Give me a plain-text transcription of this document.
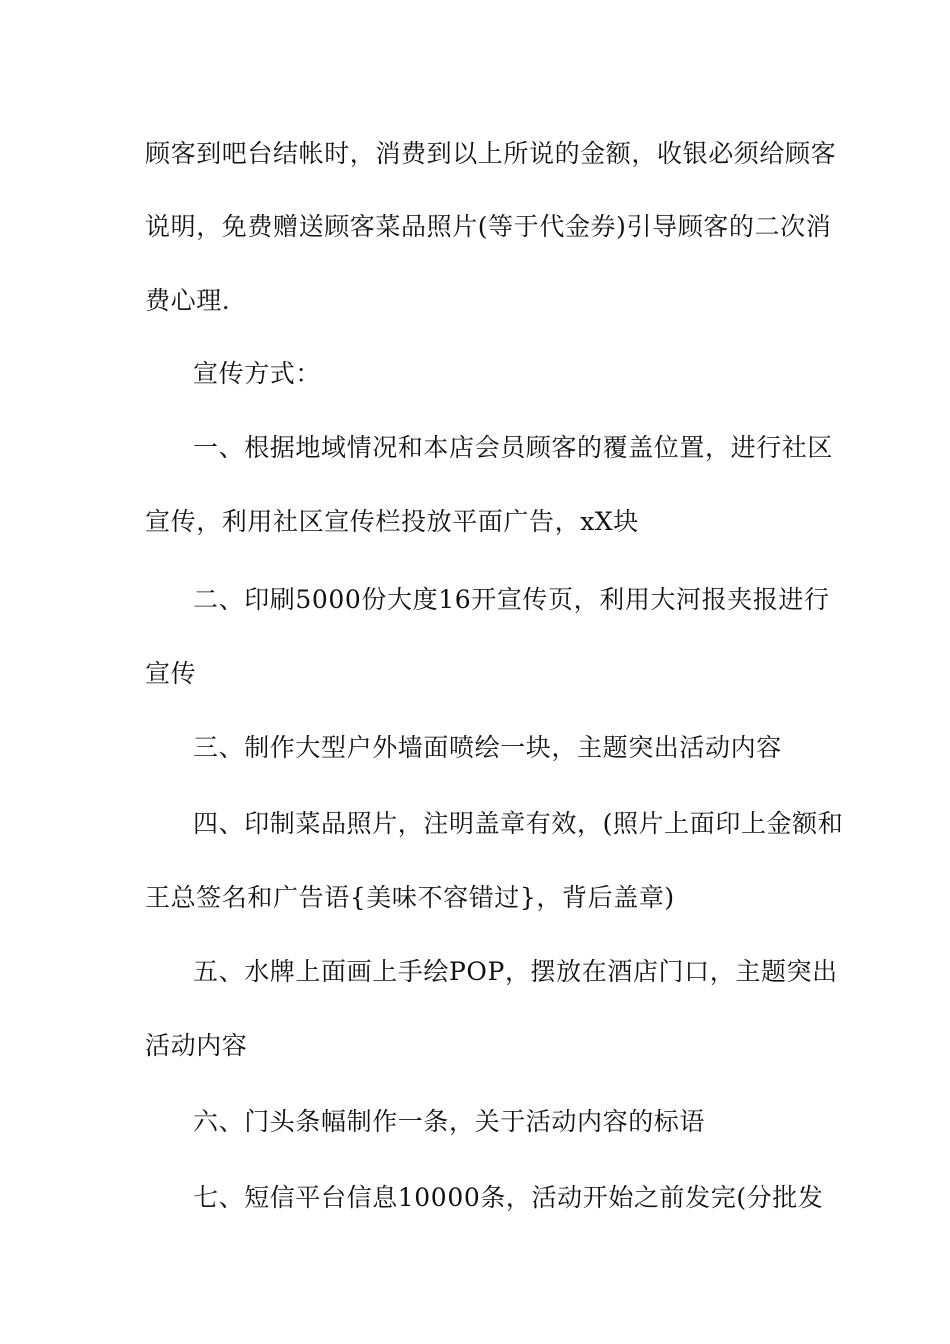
顾客到吧台结帐时，消费到以上所说的金额，收银必须给顾客
说明，免费赠送顾客菜品照片(等于代金券)引导顾客的二次消
费心理.
宣传方式：
一、根据地域情况和本店会员顾客的覆盖位置，进行社区
宣传，利用社区宣传栏投放平面广告，xX块
二、印刷5000份大度16开宣传页，利用大河报夹报进行
宣传
三、制作大型户外墙面喷绘一块，主题突出活动内容
四、印制菜品照片，注明盖章有效，(照片上面印上金额和
王总签名和广告语{美味不容错过}，背后盖章)
五、水牌上面画上手绘POP，摆放在酒店门口，主题突出
活动内容
六、门头条幅制作一条，关于活动内容的标语
七、短信平台信息10000条，活动开始之前发完(分批发
